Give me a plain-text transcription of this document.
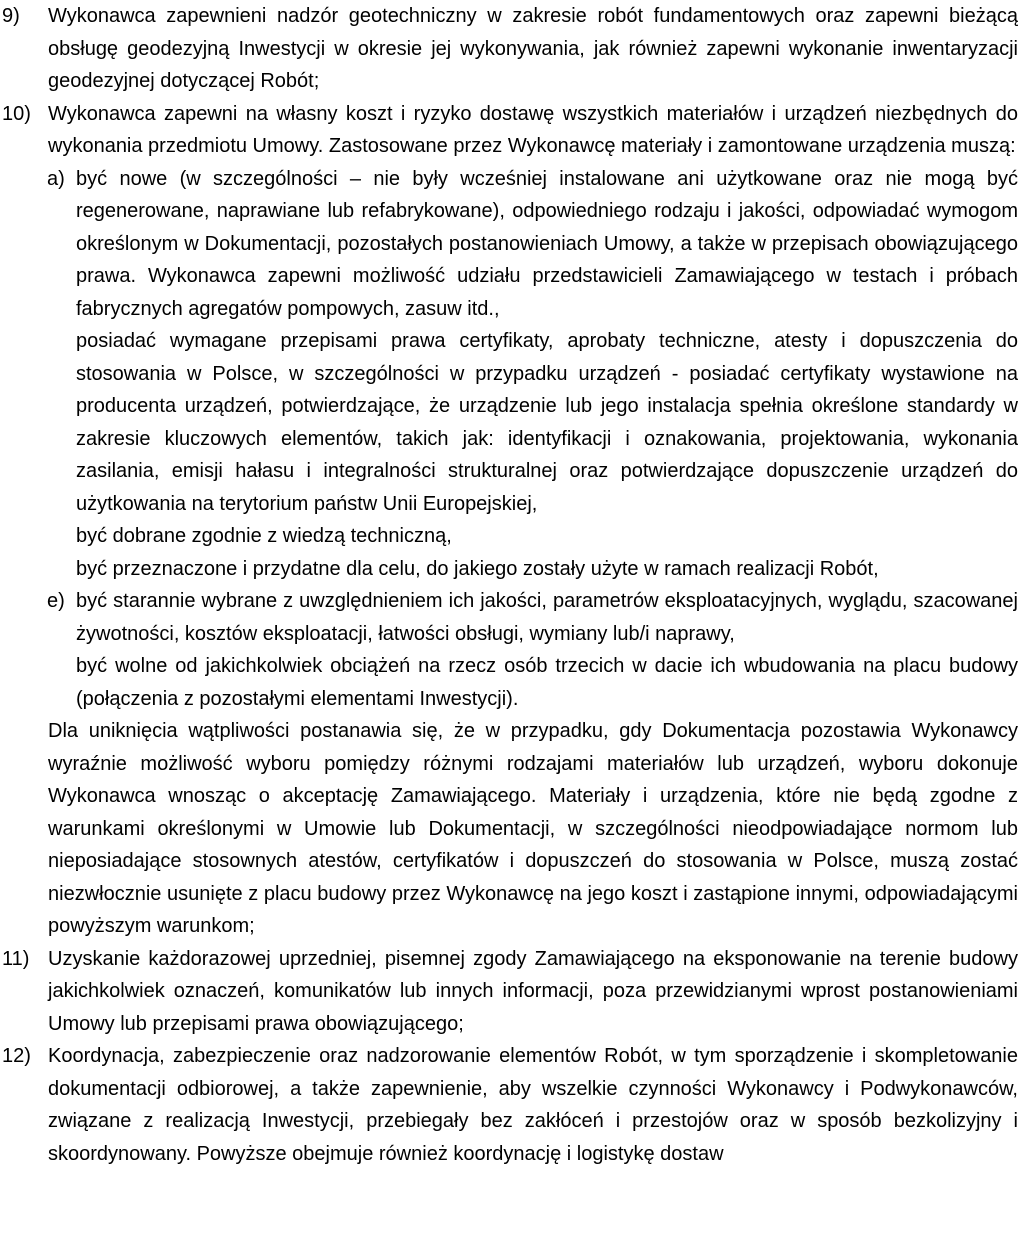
9) Wykonawca zapewnieni nadzór geotechniczny w zakresie robót fundamentowych oraz zapewni bieżącą obsługę geodezyjną Inwestycji w okresie jej wykonywania, jak również zapewni wykonanie inwentaryzacji geodezyjnej dotyczącej Robót;
10) Wykonawca zapewni na własny koszt i ryzyko dostawę wszystkich materiałów i urządzeń niezbędnych do wykonania przedmiotu Umowy. Zastosowane przez Wykonawcę materiały i zamontowane urządzenia muszą:
a) być nowe (w szczególności – nie były wcześniej instalowane ani użytkowane oraz nie mogą być regenerowane, naprawiane lub refabrykowane), odpowiedniego rodzaju i jakości, odpowiadać wymogom określonym w Dokumentacji, pozostałych postanowieniach Umowy, a także w przepisach obowiązującego prawa. Wykonawca zapewni możliwość udziału przedstawicieli Zamawiającego w testach i próbach fabrycznych agregatów pompowych, zasuw itd.,
posiadać wymagane przepisami prawa certyfikaty, aprobaty techniczne, atesty i dopuszczenia do stosowania w Polsce, w szczególności w przypadku urządzeń - posiadać certyfikaty wystawione na producenta urządzeń, potwierdzające, że urządzenie lub jego instalacja spełnia określone standardy w zakresie kluczowych elementów, takich jak: identyfikacji i oznakowania, projektowania, wykonania zasilania, emisji hałasu i integralności strukturalnej oraz potwierdzające dopuszczenie urządzeń do użytkowania na terytorium państw Unii Europejskiej,
być dobrane zgodnie z wiedzą techniczną,
być przeznaczone i przydatne dla celu, do jakiego zostały użyte w ramach realizacji Robót,
e) być starannie wybrane z uwzględnieniem ich jakości, parametrów eksploatacyjnych, wyglądu, szacowanej żywotności, kosztów eksploatacji, łatwości obsługi, wymiany lub/i naprawy,
być wolne od jakichkolwiek obciążeń na rzecz osób trzecich w dacie ich wbudowania na placu budowy (połączenia z pozostałymi elementami Inwestycji).
Dla uniknięcia wątpliwości postanawia się, że w przypadku, gdy Dokumentacja pozostawia Wykonawcy wyraźnie możliwość wyboru pomiędzy różnymi rodzajami materiałów lub urządzeń, wyboru dokonuje Wykonawca wnosząc o akceptację Zamawiającego. Materiały i urządzenia, które nie będą zgodne z warunkami określonymi w Umowie lub Dokumentacji, w szczególności nieodpowiadające normom lub nieposiadające stosownych atestów, certyfikatów i dopuszczeń do stosowania w Polsce, muszą zostać niezwłocznie usunięte z placu budowy przez Wykonawcę na jego koszt i zastąpione innymi, odpowiadającymi powyższym warunkom;
11) Uzyskanie każdorazowej uprzedniej, pisemnej zgody Zamawiającego na eksponowanie na terenie budowy jakichkolwiek oznaczeń, komunikatów lub innych informacji, poza przewidzianymi wprost postanowieniami Umowy lub przepisami prawa obowiązującego;
12) Koordynacja, zabezpieczenie oraz nadzorowanie elementów Robót, w tym sporządzenie i skompletowanie dokumentacji odbiorowej, a także zapewnienie, aby wszelkie czynności Wykonawcy i Podwykonawców, związane z realizacją Inwestycji, przebiegały bez zakłóceń i przestojów oraz w sposób bezkolizyjny i skoordynowany. Powyższe obejmuje również koordynację i logistykę dostaw
